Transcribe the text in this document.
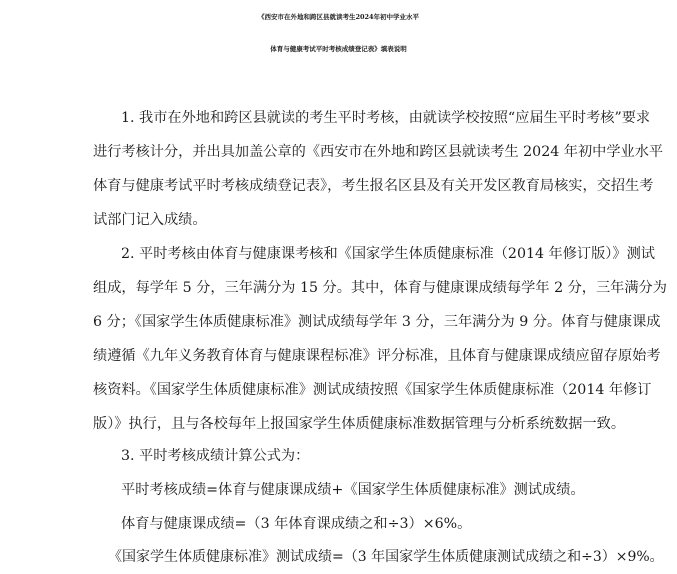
《西安市在外地和跨区县就读考生2024年初中学业水平
体育与健康考试平时考核成绩登记表》填表说明
1. 我市在外地和跨区县就读的考生平时考核，由就读学校按照“应届生平时考核”要求
进行考核计分，并出具加盖公章的《西安市在外地和跨区县就读考生 2024 年初中学业水平
体育与健康考试平时考核成绩登记表》，考生报名区县及有关开发区教育局核实，交招生考
试部门记入成绩。
2. 平时考核由体育与健康课考核和《国家学生体质健康标准（2014 年修订版）》测试
组成，每学年 5 分，三年满分为 15 分。其中，体育与健康课成绩每学年 2 分，三年满分为
6 分；《国家学生体质健康标准》测试成绩每学年 3 分，三年满分为 9 分。体育与健康课成
绩遵循《九年义务教育体育与健康课程标准》评分标准，且体育与健康课成绩应留存原始考
核资料。《国家学生体质健康标准》测试成绩按照《国家学生体质健康标准（2014 年修订
版）》执行，且与各校每年上报国家学生体质健康标准数据管理与分析系统数据一致。
3. 平时考核成绩计算公式为：
平时考核成绩=体育与健康课成绩+《国家学生体质健康标准》测试成绩。
体育与健康课成绩=（3 年体育课成绩之和÷3）×6%。
《国家学生体质健康标准》测试成绩=（3 年国家学生体质健康测试成绩之和÷3）×9%。
